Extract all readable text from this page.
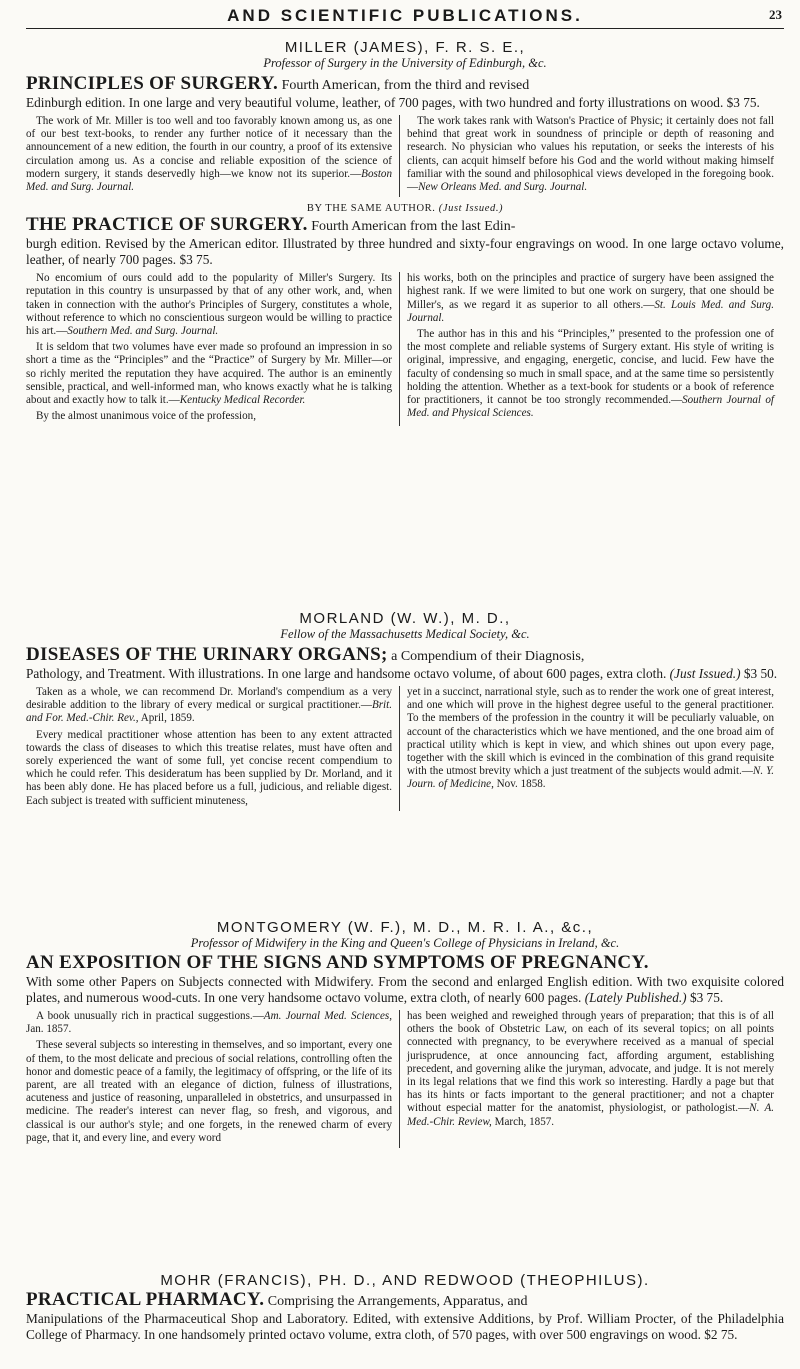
AND SCIENTIFIC PUBLICATIONS.	23
MILLER (JAMES), F. R. S. E.,
Professor of Surgery in the University of Edinburgh, &c.
PRINCIPLES OF SURGERY. Fourth American, from the third and revised
Edinburgh edition. In one large and very beautiful volume, leather, of 700 pages, with two hundred and forty illustrations on wood. $3 75.

The work of Mr. Miller is too well and too favorably known among us, as one of our best text-books, to render any further notice of it necessary than the announcement of a new edition, the fourth in our country, a proof of its extensive circulation among us. As a concise and reliable exposition of the science of modern surgery, it stands deservedly high—we know not its superior.—Boston Med. and Surg. Journal.

The work takes rank with Watson's Practice of Physic; it certainly does not fall behind that great work in soundness of principle or depth of reasoning and research. No physician who values his reputation, or seeks the interests of his clients, can acquit himself before his God and the world without making himself familiar with the sound and philosophical views developed in the foregoing book.—New Orleans Med. and Surg. Journal.

BY THE SAME AUTHOR. (Just Issued.)
THE PRACTICE OF SURGERY. Fourth American from the last Edin-
burgh edition. Revised by the American editor. Illustrated by three hundred and sixty-four engravings on wood. In one large octavo volume, leather, of nearly 700 pages. $3 75.

No encomium of ours could add to the popularity of Miller's Surgery. Its reputation in this country is unsurpassed by that of any other work, and, when taken in connection with the author's Principles of Surgery, constitutes a whole, without reference to which no conscientious surgeon would be willing to practice his art.—Southern Med. and Surg. Journal.

It is seldom that two volumes have ever made so profound an impression in so short a time as the “Principles” and the “Practice” of Surgery by Mr. Miller—or so richly merited the reputation they have acquired. The author is an eminently sensible, practical, and well-informed man, who knows exactly what he is talking about and exactly how to talk it.—Kentucky Medical Recorder.

By the almost unanimous voice of the profession,

his works, both on the principles and practice of surgery have been assigned the highest rank. If we were limited to but one work on surgery, that one should be Miller's, as we regard it as superior to all others.—St. Louis Med. and Surg. Journal.

The author has in this and his “Principles,” presented to the profession one of the most complete and reliable systems of Surgery extant. His style of writing is original, impressive, and engaging, energetic, concise, and lucid. Few have the faculty of condensing so much in small space, and at the same time so persistently holding the attention. Whether as a text-book for students or a book of reference for practitioners, it cannot be too strongly recommended.—Southern Journal of Med. and Physical Sciences.

MORLAND (W. W.), M. D.,
Fellow of the Massachusetts Medical Society, &c.
DISEASES OF THE URINARY ORGANS; a Compendium of their Diagnosis,
Pathology, and Treatment. With illustrations. In one large and handsome octavo volume, of about 600 pages, extra cloth. (Just Issued.) $3 50.

Taken as a whole, we can recommend Dr. Morland's compendium as a very desirable addition to the library of every medical or surgical practitioner.—Brit. and For. Med.-Chir. Rev., April, 1859.

Every medical practitioner whose attention has been to any extent attracted towards the class of diseases to which this treatise relates, must have often and sorely experienced the want of some full, yet concise recent compendium to which he could refer. This desideratum has been supplied by Dr. Morland, and it has been ably done. He has placed before us a full, judicious, and reliable digest. Each subject is treated with sufficient minuteness,

yet in a succinct, narrational style, such as to render the work one of great interest, and one which will prove in the highest degree useful to the general practitioner. To the members of the profession in the country it will be peculiarly valuable, on account of the characteristics which we have mentioned, and the one broad aim of practical utility which is kept in view, and which shines out upon every page, together with the skill which is evinced in the combination of this grand requisite with the utmost brevity which a just treatment of the subjects would admit.—N. Y. Journ. of Medicine, Nov. 1858.

MONTGOMERY (W. F.), M. D., M. R. I. A., &c.,
Professor of Midwifery in the King and Queen's College of Physicians in Ireland, &c.
AN EXPOSITION OF THE SIGNS AND SYMPTOMS OF PREGNANCY.
With some other Papers on Subjects connected with Midwifery. From the second and enlarged English edition. With two exquisite colored plates, and numerous wood-cuts. In one very handsome octavo volume, extra cloth, of nearly 600 pages. (Lately Published.) $3 75.

A book unusually rich in practical suggestions.—Am. Journal Med. Sciences, Jan. 1857.

These several subjects so interesting in themselves, and so important, every one of them, to the most delicate and precious of social relations, controlling often the honor and domestic peace of a family, the legitimacy of offspring, or the life of its parent, are all treated with an elegance of diction, fulness of illustrations, acuteness and justice of reasoning, unparalleled in obstetrics, and unsurpassed in medicine. The reader's interest can never flag, so fresh, and vigorous, and classical is our author's style; and one forgets, in the renewed charm of every page, that it, and every line, and every word

has been weighed and reweighed through years of preparation; that this is of all others the book of Obstetric Law, on each of its several topics; on all points connected with pregnancy, to be everywhere received as a manual of special jurisprudence, at once announcing fact, affording argument, establishing precedent, and governing alike the juryman, advocate, and judge. It is not merely in its legal relations that we find this work so interesting. Hardly a page but that has its hints or facts important to the general practitioner; and not a chapter without especial matter for the anatomist, physiologist, or pathologist.—N. A. Med.-Chir. Review, March, 1857.

MOHR (FRANCIS), PH. D., AND REDWOOD (THEOPHILUS).
PRACTICAL PHARMACY. Comprising the Arrangements, Apparatus, and
Manipulations of the Pharmaceutical Shop and Laboratory. Edited, with extensive Additions, by Prof. William Procter, of the Philadelphia College of Pharmacy. In one handsomely printed octavo volume, extra cloth, of 570 pages, with over 500 engravings on wood. $2 75.
